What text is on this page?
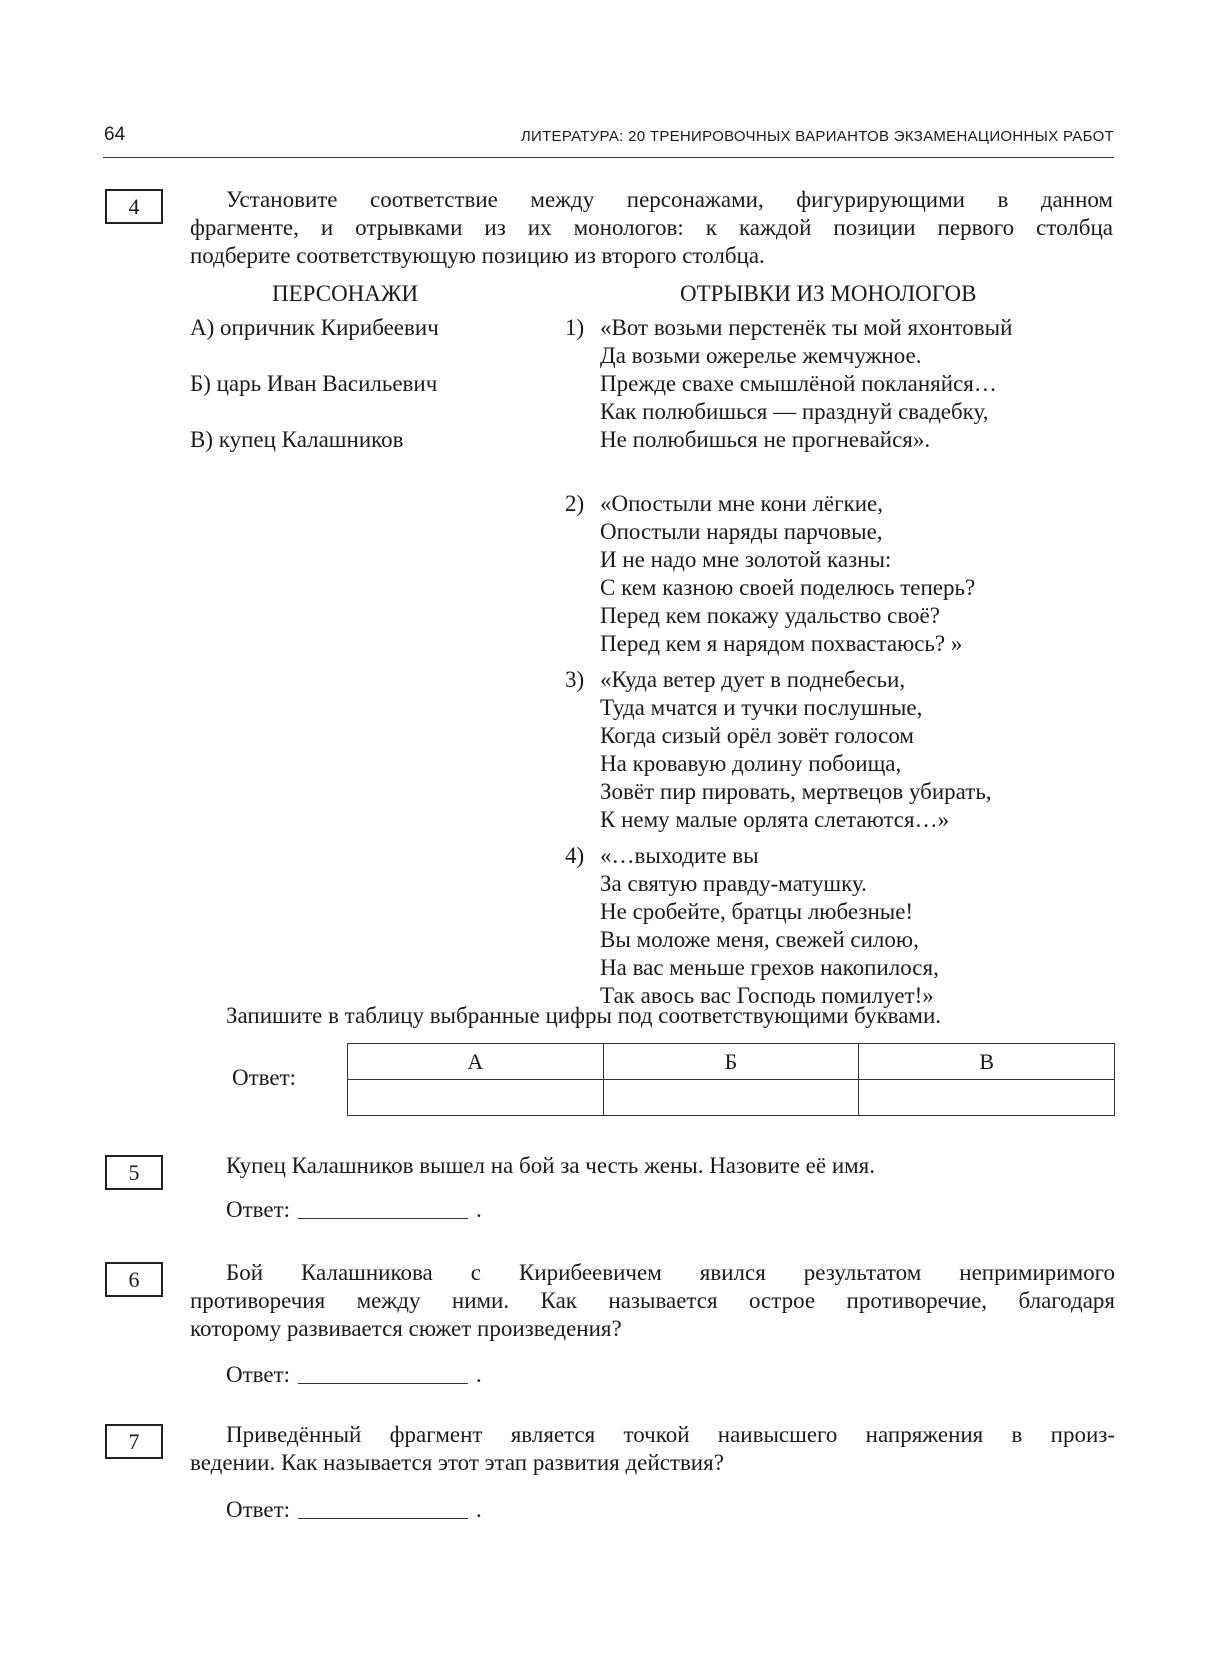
64	ЛИТЕРАТУРА: 20 ТРЕНИРОВОЧНЫХ ВАРИАНТОВ ЭКЗАМЕНАЦИОННЫХ РАБОТ
4	Установите соответствие между персонажами, фигурирующими в данном
фрагменте, и отрывками из их монологов: к каждой позиции первого столбца
подберите соответствующую позицию из второго столбца.
ПЕРСОНАЖИ	ОТРЫВКИ ИЗ МОНОЛОГОВ
А) опричник Кирибеевич
Б) царь Иван Васильевич
В) купец Калашников
1) «Вот возьми перстенёк ты мой яхонтовый
Да возьми ожерелье жемчужное.
Прежде свахе смышлёной покланяйся…
Как полюбишься — празднуй свадебку,
Не полюбишься не прогневайся».
2) «Опостыли мне кони лёгкие,
Опостыли наряды парчовые,
И не надо мне золотой казны:
С кем казною своей поделюсь теперь?
Перед кем покажу удальство своё?
Перед кем я нарядом похвастаюсь? »
3) «Куда ветер дует в поднебесьи,
Туда мчатся и тучки послушные,
Когда сизый орёл зовёт голосом
На кровавую долину побоища,
Зовёт пир пировать, мертвецов убирать,
К нему малые орлята слетаются…»
4) «…выходите вы
За святую правду-матушку.
Не сробейте, братцы любезные!
Вы моложе меня, свежей силою,
На вас меньше грехов накопилося,
Так авось вас Господь помилует!»
Запишите в таблицу выбранные цифры под соответствующими буквами.
Ответ:
А	Б	В

5	Купец Калашников вышел на бой за честь жены. Назовите её имя.
Ответ:	.
6	Бой Калашникова с Кирибеевичем явился результатом непримиримого
противоречия между ними. Как называется острое противоречие, благодаря
которому развивается сюжет произведения?
Ответ:	.
7	Приведённый фрагмент является точкой наивысшего напряжения в произ-
ведении. Как называется этот этап развития действия?
Ответ:	.
